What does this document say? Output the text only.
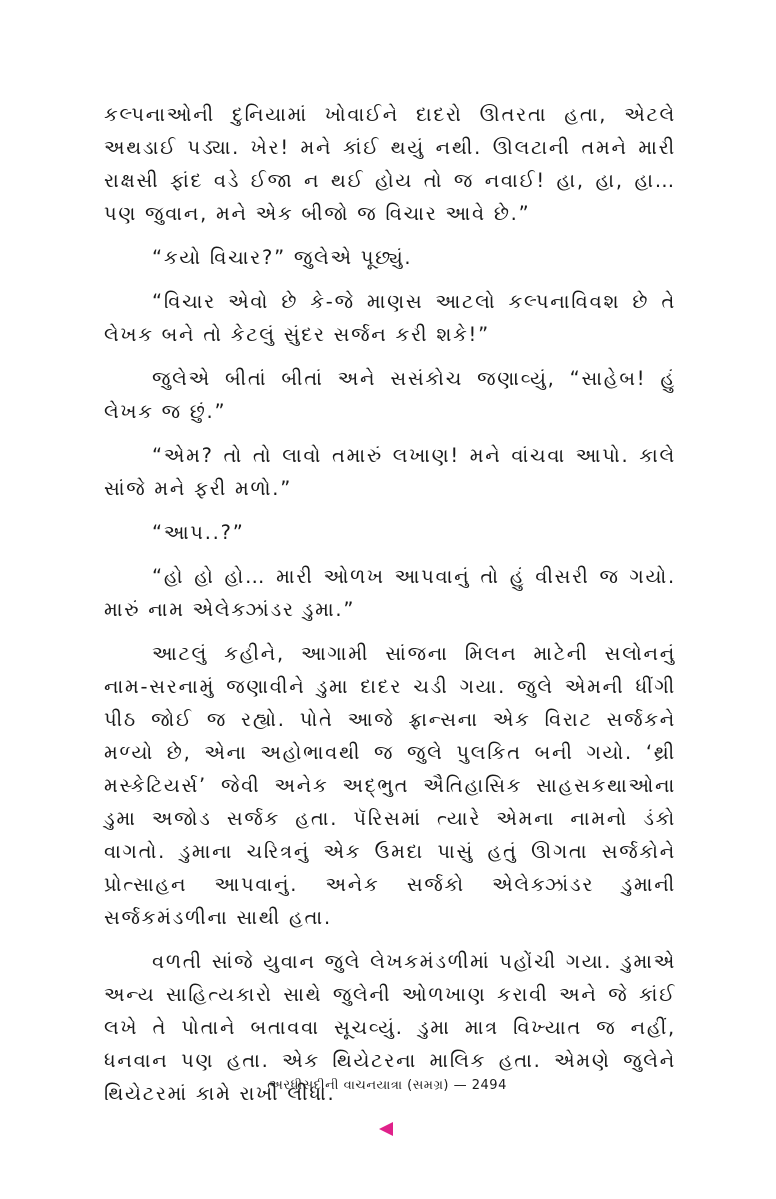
કલ્પનાઓની દુનિયામાં ખોવાઈને દાદરો ઊતરતા હતા, એટલે અથડાઈ પડ્યા. ખેર! મને કાંઈ થયું નથી. ઊલટાની તમને મારી રાક્ષસી ફાંદ વડે ઈજા ન થઈ હોય તો જ નવાઈ! હા, હા, હા… પણ જુવાન, મને એક બીજો જ વિચાર આવે છે.”

“કયો વિચાર?” જુલેએ પૂછ્યું.

“વિચાર એવો છે કે-જે માણસ આટલો કલ્પનાવિવશ છે તે લેખક બને તો કેટલું સુંદર સર્જન કરી શકે!”

જુલેએ બીતાં બીતાં અને સસંકોચ જણાવ્યું, “સાહેબ! હું લેખક જ છું.”

“એમ? તો તો લાવો તમારું લખાણ! મને વાંચવા આપો. કાલે સાંજે મને ફરી મળો.”

“આપ..?”

“હો હો હો… મારી ઓળખ આપવાનું તો હું વીસરી જ ગયો. મારું નામ એલેક્ઝાંડર ડુમા.”

આટલું કહીને, આગામી સાંજના મિલન માટેની સલોનનું નામ-સરનામું જણાવીને ડુમા દાદર ચડી ગયા. જુલે એમની ધીંગી પીઠ જોઈ જ રહ્યો. પોતે આજે ફ્રાન્સના એક વિરાટ સર્જકને મળ્યો છે, એના અહોભાવથી જ જુલે પુલકિત બની ગયો. ‘થ્રી મસ્કેટિયર્સ’ જેવી અનેક અદ્ભુત ઐતિહાસિક સાહસકથાઓના ડુમા અજોડ સર્જક હતા. પૅરિસમાં ત્યારે એમના નામનો ડંકો વાગતો. ડુમાના ચરિત્રનું એક ઉમદા પાસું હતું ઊગતા સર્જકોને પ્રોત્સાહન આપવાનું. અનેક સર્જકો એલેક્ઝાંડર ડુમાની સર્જકમંડળીના સાથી હતા.

વળતી સાંજે યુવાન જુલે લેખકમંડળીમાં પહોંચી ગયા. ડુમાએ અન્ય સાહિત્યકારો સાથે જુલેની ઓળખાણ કરાવી અને જે કાંઈ લખે તે પોતાને બતાવવા સૂચવ્યું. ડુમા માત્ર વિખ્યાત જ નહીં, ધનવાન પણ હતા. એક થિયેટરના માલિક હતા. એમણે જુલેને થિયેટરમાં કામે રાખી લીધા.

અરધીસદીની વાચનયાત્રા (સમગ્ર) — 2494
